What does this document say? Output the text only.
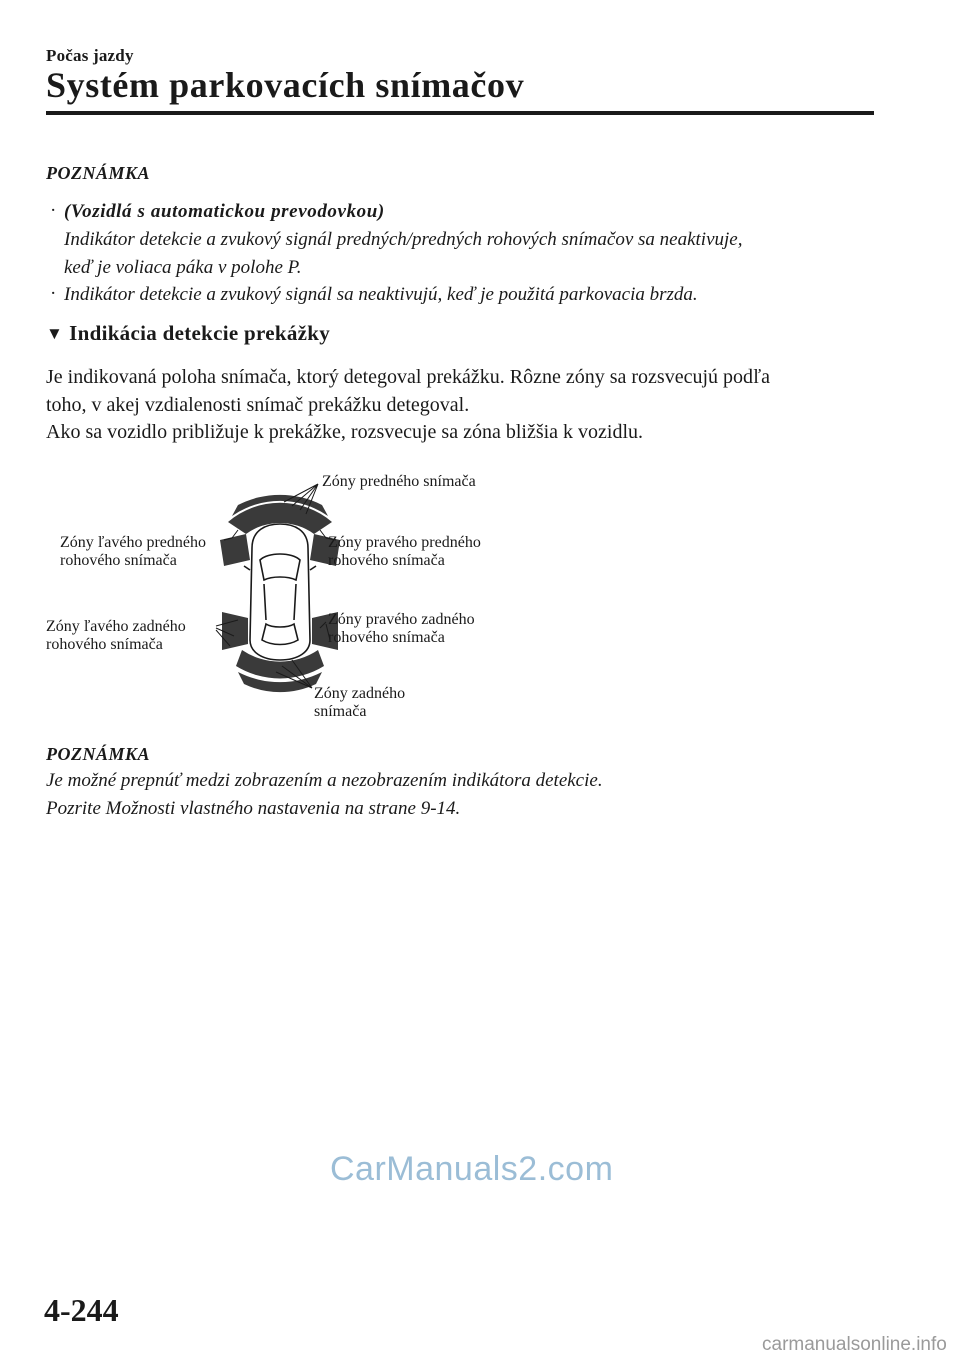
Počas jazdy
Systém parkovacích snímačov
POZNÁMKA
· (Vozidlá s automatickou prevodovkou)
Indikátor detekcie a zvukový signál predných/predných rohových snímačov sa neaktivuje,
keď je voliaca páka v polohe P.
· Indikátor detekcie a zvukový signál sa neaktivujú, keď je použitá parkovacia brzda.
▼ Indikácia detekcie prekážky
Je indikovaná poloha snímača, ktorý detegoval prekážku. Rôzne zóny sa rozsvecujú podľa
toho, v akej vzdialenosti snímač prekážku detegoval.
Ako sa vozidlo približuje k prekážke, rozsvecuje sa zóna bližšia k vozidlu.
Zóny predného snímača
Zóny ľavého predného
rohového snímača
Zóny pravého predného
rohového snímača
Zóny ľavého zadného
rohového snímača
Zóny pravého zadného
rohového snímača
Zóny zadného
snímača
POZNÁMKA
Je možné prepnúť medzi zobrazením a nezobrazením indikátora detekcie.
Pozrite Možnosti vlastného nastavenia na strane 9-14.
CarManuals2.com
4-244
carmanualsonline.info
